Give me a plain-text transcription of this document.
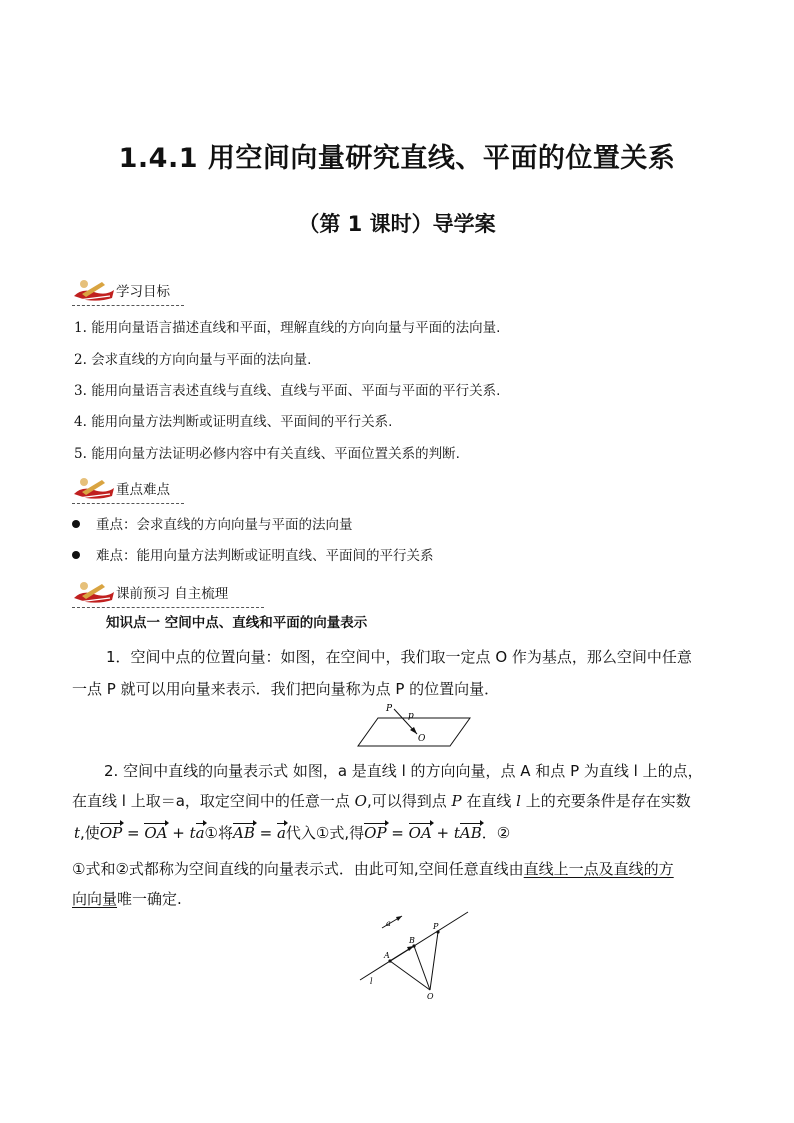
1.4.1 用空间向量研究直线、平面的位置关系
（第 1 课时）导学案
学习目标
1. 能用向量语言描述直线和平面，理解直线的方向向量与平面的法向量.
2. 会求直线的方向向量与平面的法向量.
3. 能用向量语言表述直线与直线、直线与平面、平面与平面的平行关系.
4. 能用向量方法判断或证明直线、平面间的平行关系.
5. 能用向量方法证明必修内容中有关直线、平面位置关系的判断.
重点难点
重点：会求直线的方向向量与平面的法向量
难点：能用向量方法判断或证明直线、平面间的平行关系
课前预习 自主梳理
知识点一 空间中点、直线和平面的向量表示
1．空间中点的位置向量：如图，在空间中，我们取一定点 O 作为基点，那么空间中任意
一点 P 就可以用向量来表示．我们把向量称为点 P 的位置向量．
P
p
O
2. 空间中直线的向量表示式 如图，a 是直线 l 的方向向量，点 A 和点 P 为直线 l 上的点，
在直线 l 上取＝a，取定空间中的任意一点 O,可以得到点 P 在直线 l 上的充要条件是存在实数
t,使OP = OA + ta①将AB = a代入①式,得OP = OA + tAB．②
①式和②式都称为空间直线的向量表示式．由此可知,空间任意直线由直线上一点及直线的方
向向量唯一确定.
a	P
B
A
l
O
